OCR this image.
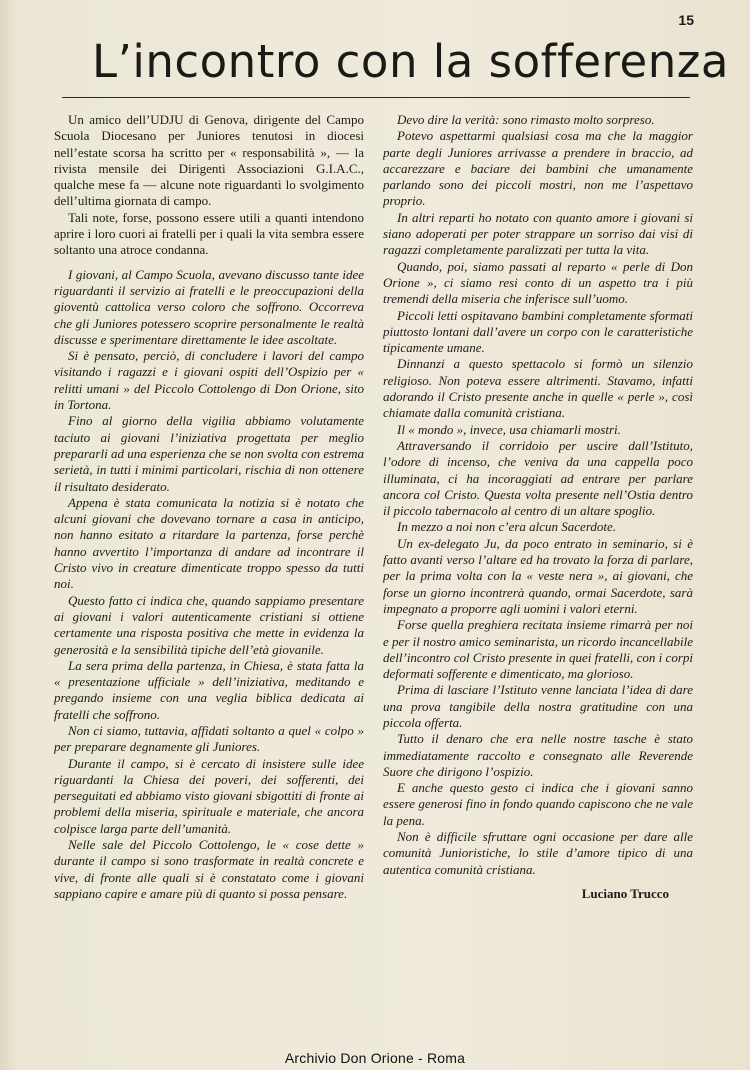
15
L’incontro con la sofferenza

Un amico dell’UDJU di Genova, dirigente del Campo Scuola Diocesano per Juniores tenutosi in diocesi nell’estate scorsa ha scritto per « responsabilità », — la rivista mensile dei Dirigenti Associazioni G.I.A.C., qualche mese fa — alcune note riguardanti lo svolgimento dell’ultima giornata di campo.

Tali note, forse, possono essere utili a quanti intendono aprire i loro cuori ai fratelli per i quali la vita sembra essere soltanto una atroce condanna.

I giovani, al Campo Scuola, avevano discusso tante idee riguardanti il servizio ai fratelli e le preoccupazioni della gioventù cattolica verso coloro che soffrono. Occorreva che gli Juniores potessero scoprire personalmente le realtà discusse e sperimentare direttamente le idee ascoltate.

Si è pensato, perciò, di concludere i lavori del campo visitando i ragazzi e i giovani ospiti dell’Ospizio per « relitti umani » del Piccolo Cottolengo di Don Orione, sito in Tortona.

Fino al giorno della vigilia abbiamo volutamente taciuto ai giovani l’iniziativa progettata per meglio prepararli ad una esperienza che se non svolta con estrema serietà, in tutti i minimi particolari, rischia di non ottenere il risultato desiderato.

Appena è stata comunicata la notizia si è notato che alcuni giovani che dovevano tornare a casa in anticipo, non hanno esitato a ritardare la partenza, forse perchè hanno avvertito l’importanza di andare ad incontrare il Cristo vivo in creature dimenticate troppo spesso da tutti noi.

Questo fatto ci indica che, quando sappiamo presentare ai giovani i valori autenticamente cristiani si ottiene certamente una risposta positiva che mette in evidenza la generosità e la sensibilità tipiche dell’età giovanile.

La sera prima della partenza, in Chiesa, è stata fatta la « presentazione ufficiale » dell’iniziativa, meditando e pregando insieme con una veglia biblica dedicata ai fratelli che soffrono.

Non ci siamo, tuttavia, affidati soltanto a quel « colpo » per preparare degnamente gli Juniores.

Durante il campo, si è cercato di insistere sulle idee riguardanti la Chiesa dei poveri, dei sofferenti, dei perseguitati ed abbiamo visto giovani sbigottiti di fronte ai problemi della miseria, spirituale e materiale, che ancora colpisce larga parte dell’umanità.

Nelle sale del Piccolo Cottolengo, le « cose dette » durante il campo si sono trasformate in realtà concrete e vive, di fronte alle quali si è constatato come i giovani sappiano capire e amare più di quanto si possa pensare.

Devo dire la verità: sono rimasto molto sorpreso.

Potevo aspettarmi qualsiasi cosa ma che la maggior parte degli Juniores arrivasse a prendere in braccio, ad accarezzare e baciare dei bambini che umanamente parlando sono dei piccoli mostri, non me l’aspettavo proprio.

In altri reparti ho notato con quanto amore i giovani si siano adoperati per poter strappare un sorriso dai visi di ragazzi completamente paralizzati per tutta la vita.

Quando, poi, siamo passati al reparto « perle di Don Orione », ci siamo resi conto di un aspetto tra i più tremendi della miseria che inferisce sull’uomo.

Piccoli letti ospitavano bambini completamente sformati piuttosto lontani dall’avere un corpo con le caratteristiche tipicamente umane.

Dinnanzi a questo spettacolo si formò un silenzio religioso. Non poteva essere altrimenti. Stavamo, infatti adorando il Cristo presente anche in quelle « perle », così chiamate dalla comunità cristiana.

Il « mondo », invece, usa chiamarli mostri.

Attraversando il corridoio per uscire dall’Istituto, l’odore di incenso, che veniva da una cappella poco illuminata, ci ha incoraggiati ad entrare per parlare ancora col Cristo. Questa volta presente nell’Ostia dentro il piccolo tabernacolo al centro di un altare spoglio.

In mezzo a noi non c’era alcun Sacerdote.

Un ex-delegato Ju, da poco entrato in seminario, si è fatto avanti verso l’altare ed ha trovato la forza di parlare, per la prima volta con la « veste nera », ai giovani, che forse un giorno incontrerà quando, ormai Sacerdote, sarà impegnato a proporre agli uomini i valori eterni.

Forse quella preghiera recitata insieme rimarrà per noi e per il nostro amico seminarista, un ricordo incancellabile dell’incontro col Cristo presente in quei fratelli, con i corpi deformati sofferente e dimenticato, ma glorioso.

Prima di lasciare l’Istituto venne lanciata l’idea di dare una prova tangibile della nostra gratitudine con una piccola offerta.

Tutto il denaro che era nelle nostre tasche è stato immediatamente raccolto e consegnato alle Reverende Suore che dirigono l’ospizio.

E anche questo gesto ci indica che i giovani sanno essere generosi fino in fondo quando capiscono che ne vale la pena.

Non è difficile sfruttare ogni occasione per dare alle comunità Junioristiche, lo stile d’amore tipico di una autentica comunità cristiana.

Luciano Trucco

Archivio Don Orione - Roma
